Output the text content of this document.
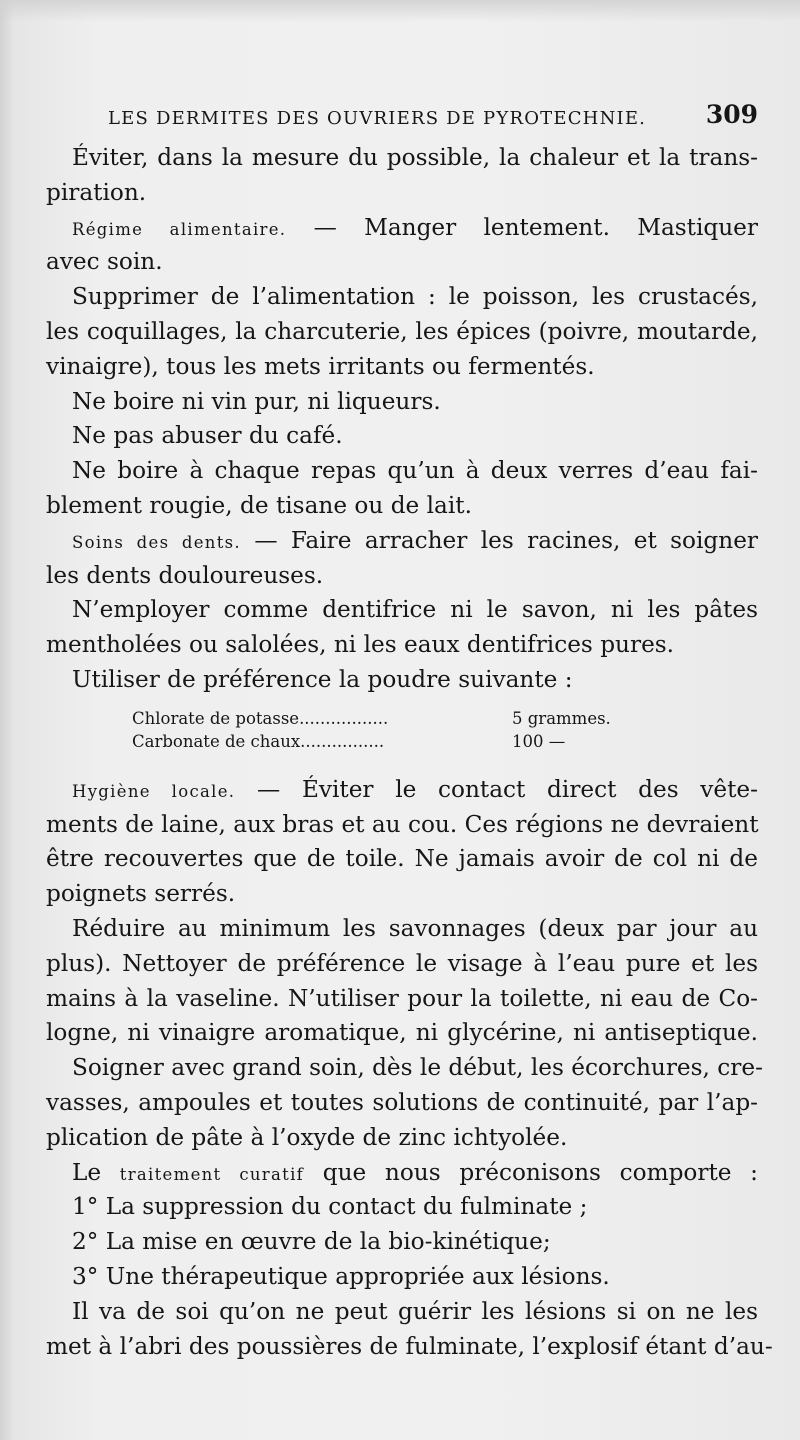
LES DERMITES DES OUVRIERS DE PYROTECHNIE. 309
Éviter, dans la mesure du possible, la chaleur et la trans-
piration.
Régime alimentaire. — Manger lentement. Mastiquer
avec soin.
Supprimer de l’alimentation : le poisson, les crustacés,
les coquillages, la charcuterie, les épices (poivre, moutarde,
vinaigre), tous les mets irritants ou fermentés.
Ne boire ni vin pur, ni liqueurs.
Ne pas abuser du café.
Ne boire à chaque repas qu’un à deux verres d’eau fai-
blement rougie, de tisane ou de lait.
Soins des dents. — Faire arracher les racines, et soigner
les dents douloureuses.
N’employer comme dentifrice ni le savon, ni les pâtes
mentholées ou salolées, ni les eaux dentifrices pures.
Utiliser de préférence la poudre suivante :
Chlorate de potasse.................	5 grammes.
Carbonate de chaux................	100 —
Hygiène locale. — Éviter le contact direct des vête-
ments de laine, aux bras et au cou. Ces régions ne devraient
être recouvertes que de toile. Ne jamais avoir de col ni de
poignets serrés.
Réduire au minimum les savonnages (deux par jour au
plus). Nettoyer de préférence le visage à l’eau pure et les
mains à la vaseline. N’utiliser pour la toilette, ni eau de Co-
logne, ni vinaigre aromatique, ni glycérine, ni antiseptique.
Soigner avec grand soin, dès le début, les écorchures, cre-
vasses, ampoules et toutes solutions de continuité, par l’ap-
plication de pâte à l’oxyde de zinc ichtyolée.
Le traitement curatif que nous préconisons comporte :
1° La suppression du contact du fulminate ;
2° La mise en œuvre de la bio-kinétique;
3° Une thérapeutique appropriée aux lésions.
Il va de soi qu’on ne peut guérir les lésions si on ne les
met à l’abri des poussières de fulminate, l’explosif étant d’au-
